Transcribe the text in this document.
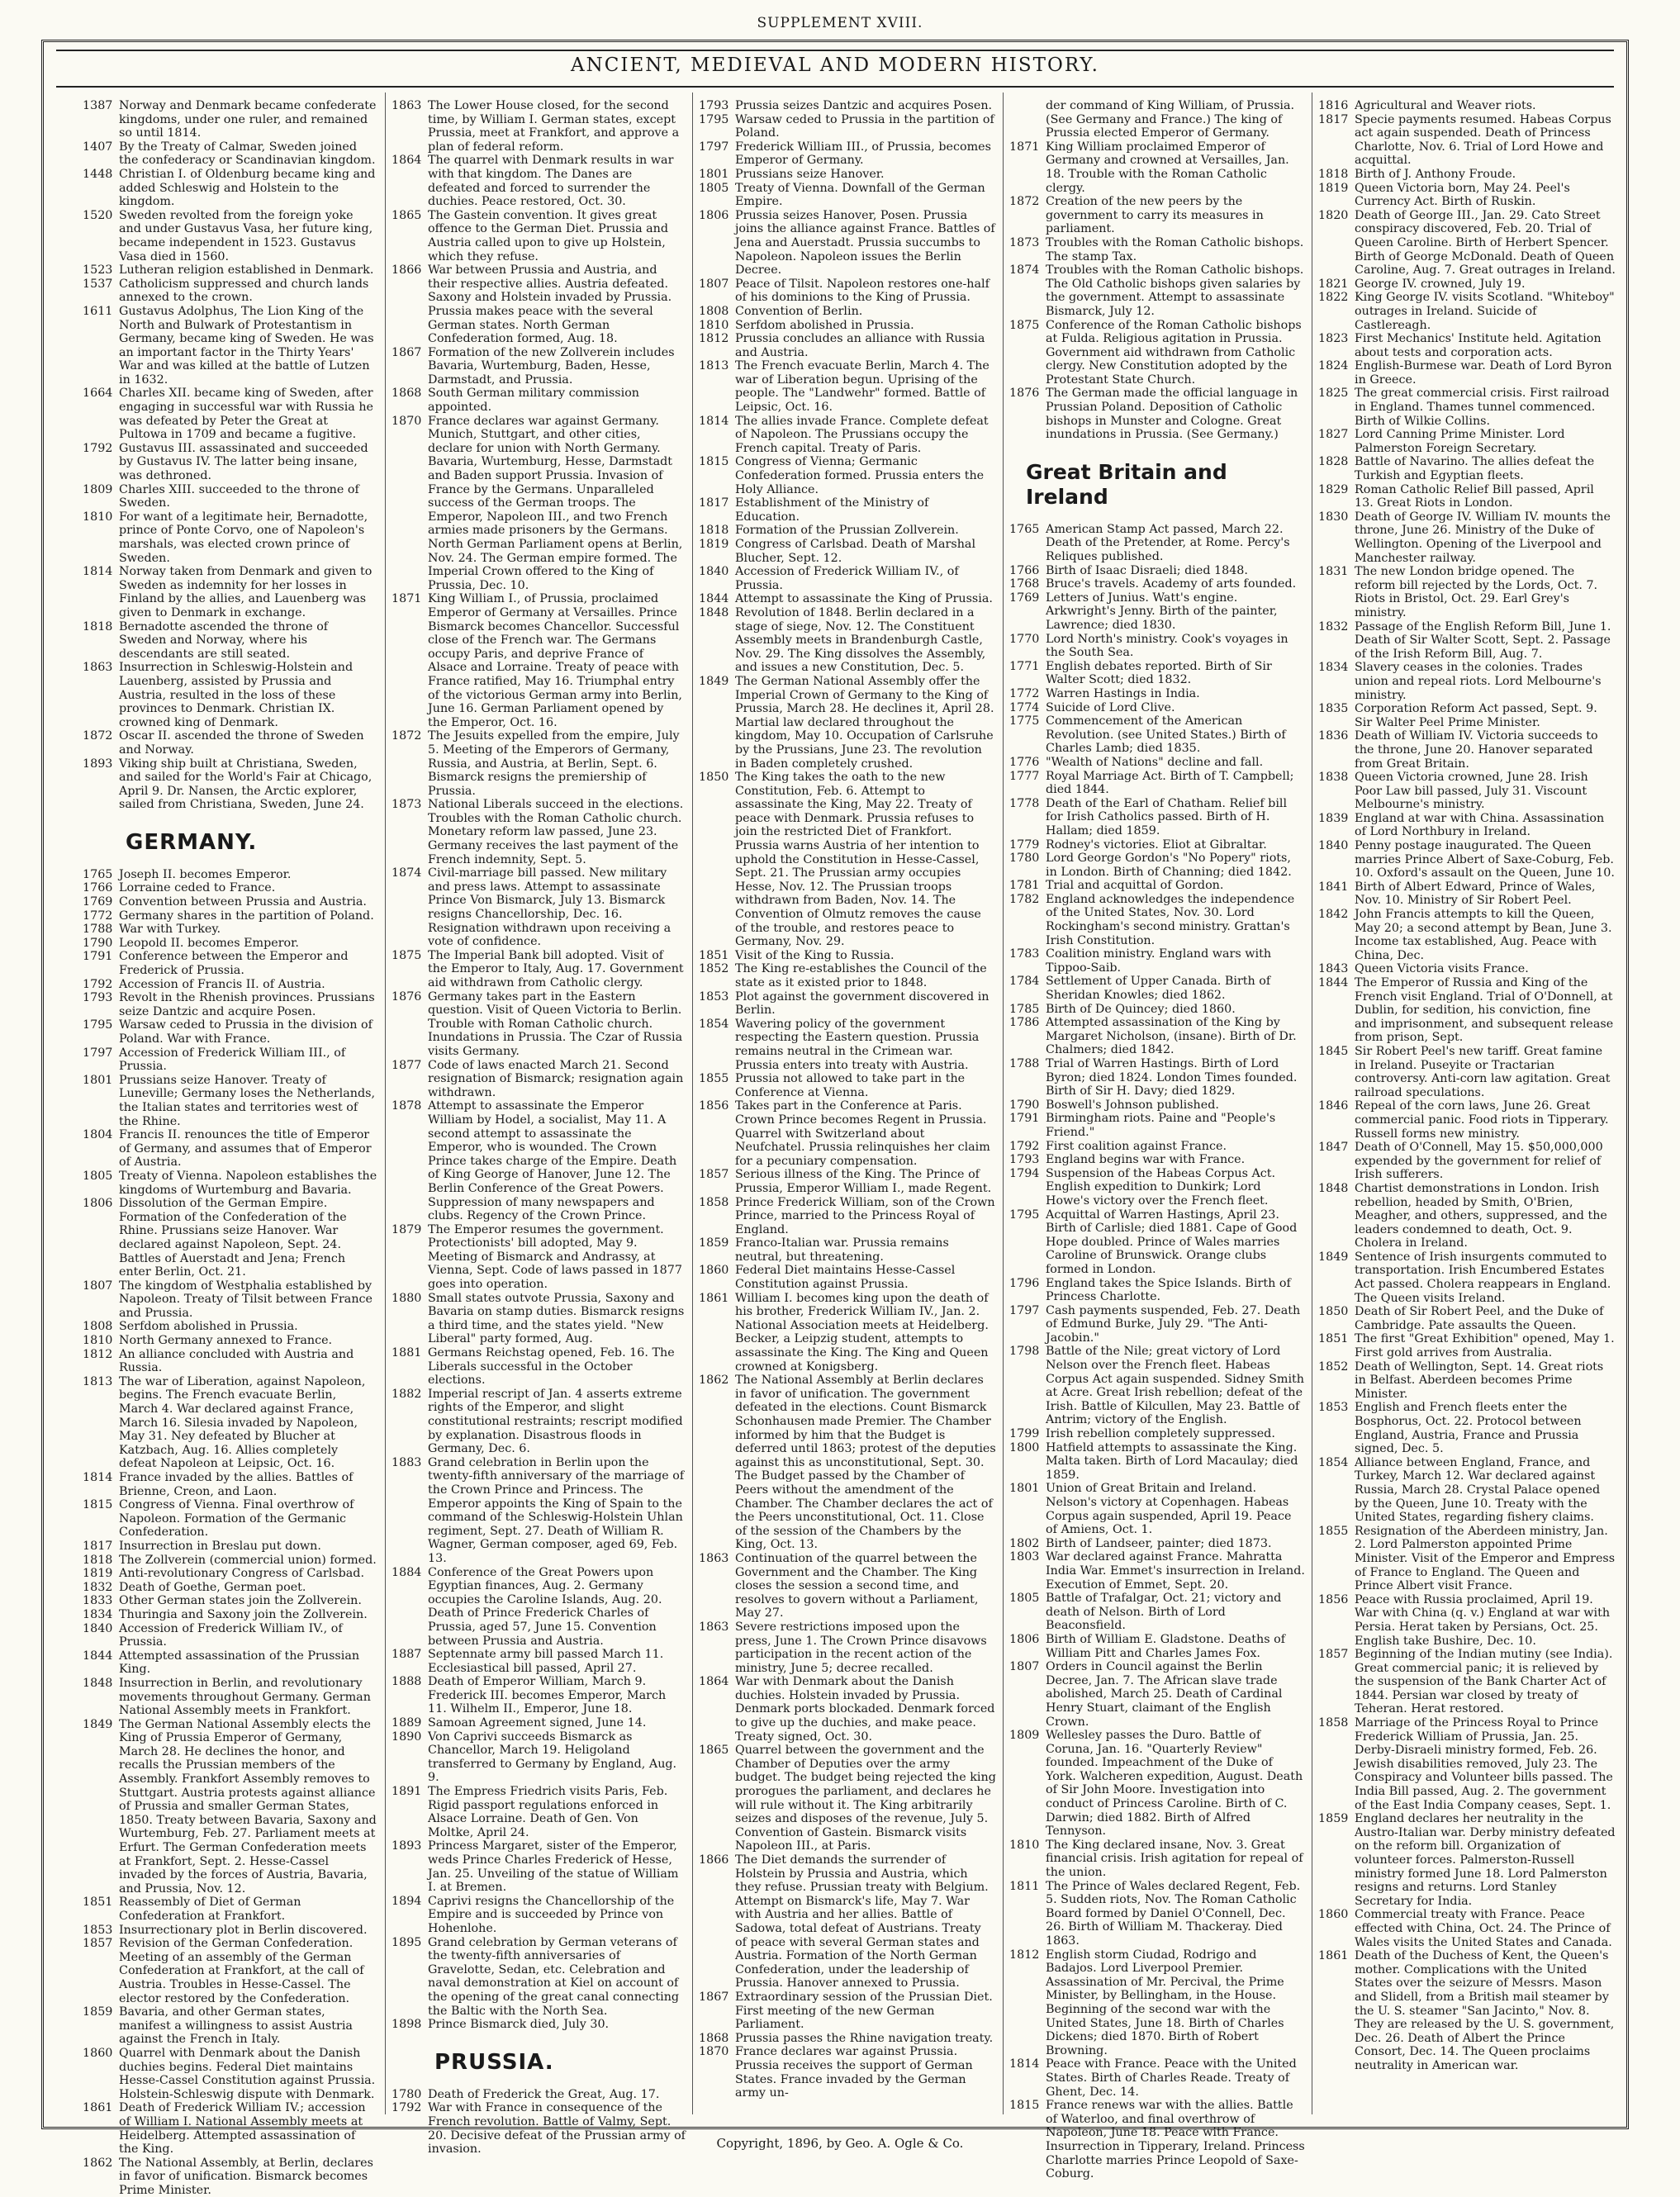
SUPPLEMENT XVIII.
ANCIENT, MEDIEVAL AND MODERN HISTORY.
1387 Norway and Denmark became confederate kingdoms, under one ruler, and remained so until 1814.
1407 By the Treaty of Calmar, Sweden joined the confederacy or Scandinavian kingdom.
1448 Christian I. of Oldenburg became king and added Schleswig and Holstein to the kingdom.
1520 Sweden revolted from the foreign yoke and under Gustavus Vasa, her future king, became independent in 1523. Gustavus Vasa died in 1560.
1523 Lutheran religion established in Denmark.
1537 Catholicism suppressed and church lands annexed to the crown.
1611 Gustavus Adolphus, The Lion King of the North and Bulwark of Protestantism in Germany, became king of Sweden. He was an important factor in the Thirty Years' War and was killed at the battle of Lutzen in 1632.
1664 Charles XII. became king of Sweden, after engaging in successful war with Russia he was defeated by Peter the Great at Pultowa in 1709 and became a fugitive.
1792 Gustavus III. assassinated and succeeded by Gustavus IV. The latter being insane, was dethroned.
1809 Charles XIII. succeeded to the throne of Sweden.
1810 For want of a legitimate heir, Bernadotte, prince of Ponte Corvo, one of Napoleon's marshals, was elected crown prince of Sweden.
1814 Norway taken from Denmark and given to Sweden as indemnity for her losses in Finland by the allies, and Lauenberg was given to Denmark in exchange.
1818 Bernadotte ascended the throne of Sweden and Norway, where his descendants are still seated.
1863 Insurrection in Schleswig-Holstein and Lauenberg, assisted by Prussia and Austria, resulted in the loss of these provinces to Denmark. Christian IX. crowned king of Denmark.
1872 Oscar II. ascended the throne of Sweden and Norway.
1893 Viking ship built at Christiana, Sweden, and sailed for the World's Fair at Chicago, April 9. Dr. Nansen, the Arctic explorer, sailed from Christiana, Sweden, June 24.
GERMANY.
1765 Joseph II. becomes Emperor.
1766 Lorraine ceded to France.
1769 Convention between Prussia and Austria.
1772 Germany shares in the partition of Poland.
1788 War with Turkey.
1790 Leopold II. becomes Emperor.
1791 Conference between the Emperor and Frederick of Prussia.
1792 Accession of Francis II. of Austria.
1793 Revolt in the Rhenish provinces. Prussians seize Dantzic and acquire Posen.
1795 Warsaw ceded to Prussia in the division of Poland. War with France.
1797 Accession of Frederick William III., of Prussia.
1801 Prussians seize Hanover. Treaty of Luneville; Germany loses the Netherlands, the Italian states and territories west of the Rhine.
1804 Francis II. renounces the title of Emperor of Germany, and assumes that of Emperor of Austria.
1805 Treaty of Vienna. Napoleon establishes the kingdoms of Wurtemburg and Bavaria.
1806 Dissolution of the German Empire. Formation of the Confederation of the Rhine. Prussians seize Hanover. War declared against Napoleon, Sept. 24. Battles of Auerstadt and Jena; French enter Berlin, Oct. 21.
1807 The kingdom of Westphalia established by Napoleon. Treaty of Tilsit between France and Prussia.
1808 Serfdom abolished in Prussia.
1810 North Germany annexed to France.
1812 An alliance concluded with Austria and Russia.
1813 The war of Liberation, against Napoleon, begins. The French evacuate Berlin, March 4. War declared against France, March 16. Silesia invaded by Napoleon, May 31. Ney defeated by Blucher at Katzbach, Aug. 16. Allies completely defeat Napoleon at Leipsic, Oct. 16.
1814 France invaded by the allies. Battles of Brienne, Creon, and Laon.
1815 Congress of Vienna. Final overthrow of Napoleon. Formation of the Germanic Confederation.
1817 Insurrection in Breslau put down.
1818 The Zollverein (commercial union) formed.
1819 Anti-revolutionary Congress of Carlsbad.
1832 Death of Goethe, German poet.
1833 Other German states join the Zollverein.
1834 Thuringia and Saxony join the Zollverein.
1840 Accession of Frederick William IV., of Prussia.
1844 Attempted assassination of the Prussian King.
1848 Insurrection in Berlin, and revolutionary movements throughout Germany. German National Assembly meets in Frankfort.
1849 The German National Assembly elects the King of Prussia Emperor of Germany, March 28. He declines the honor, and recalls the Prussian members of the Assembly. Frankfort Assembly removes to Stuttgart. Austria protests against alliance of Prussia and smaller German States, 1850. Treaty between Bavaria, Saxony and Wurtemburg, Feb. 27. Parliament meets at Erfurt. The German Confederation meets at Frankfort, Sept. 2. Hesse-Cassel invaded by the forces of Austria, Bavaria, and Prussia, Nov. 12.
1851 Reassembly of Diet of German Confederation at Frankfort.
1853 Insurrectionary plot in Berlin discovered.
1857 Revision of the German Confederation. Meeting of an assembly of the German Confederation at Frankfort, at the call of Austria. Troubles in Hesse-Cassel. The elector restored by the Confederation.
1859 Bavaria, and other German states, manifest a willingness to assist Austria against the French in Italy.
1860 Quarrel with Denmark about the Danish duchies begins. Federal Diet maintains Hesse-Cassel Constitution against Prussia. Holstein-Schleswig dispute with Denmark.
1861 Death of Frederick William IV.; accession of William I. National Assembly meets at Heidelberg. Attempted assassination of the King.
1862 The National Assembly, at Berlin, declares in favor of unification. Bismarck becomes Prime Minister.
1863 The Lower House closed, for the second time, by William I. German states, except Prussia, meet at Frankfort, and approve a plan of federal reform.
1864 The quarrel with Denmark results in war with that kingdom. The Danes are defeated and forced to surrender the duchies. Peace restored, Oct. 30.
1865 The Gastein convention. It gives great offence to the German Diet. Prussia and Austria called upon to give up Holstein, which they refuse.
1866 War between Prussia and Austria, and their respective allies. Austria defeated. Saxony and Holstein invaded by Prussia. Prussia makes peace with the several German states. North German Confederation formed, Aug. 18.
1867 Formation of the new Zollverein includes Bavaria, Wurtemburg, Baden, Hesse, Darmstadt, and Prussia.
1868 South German military commission appointed.
1870 France declares war against Germany. Munich, Stuttgart, and other cities, declare for union with North Germany. Bavaria, Wurtemburg, Hesse, Darmstadt and Baden support Prussia. Invasion of France by the Germans. Unparalleled success of the German troops. The Emperor, Napoleon III., and two French armies made prisoners by the Germans. North German Parliament opens at Berlin, Nov. 24. The German empire formed. The Imperial Crown offered to the King of Prussia, Dec. 10.
1871 King William I., of Prussia, proclaimed Emperor of Germany at Versailles. Prince Bismarck becomes Chancellor. Successful close of the French war. The Germans occupy Paris, and deprive France of Alsace and Lorraine. Treaty of peace with France ratified, May 16. Triumphal entry of the victorious German army into Berlin, June 16. German Parliament opened by the Emperor, Oct. 16.
1872 The Jesuits expelled from the empire, July 5. Meeting of the Emperors of Germany, Russia, and Austria, at Berlin, Sept. 6. Bismarck resigns the premiership of Prussia.
1873 National Liberals succeed in the elections. Troubles with the Roman Catholic church. Monetary reform law passed, June 23. Germany receives the last payment of the French indemnity, Sept. 5.
1874 Civil-marriage bill passed. New military and press laws. Attempt to assassinate Prince Von Bismarck, July 13. Bismarck resigns Chancellorship, Dec. 16. Resignation withdrawn upon receiving a vote of confidence.
1875 The Imperial Bank bill adopted. Visit of the Emperor to Italy, Aug. 17. Government aid withdrawn from Catholic clergy.
1876 Germany takes part in the Eastern question. Visit of Queen Victoria to Berlin. Trouble with Roman Catholic church. Inundations in Prussia. The Czar of Russia visits Germany.
1877 Code of laws enacted March 21. Second resignation of Bismarck; resignation again withdrawn.
1878 Attempt to assassinate the Emperor William by Hodel, a socialist, May 11. A second attempt to assassinate the Emperor, who is wounded. The Crown Prince takes charge of the Empire. Death of King George of Hanover, June 12. The Berlin Conference of the Great Powers. Suppression of many newspapers and clubs. Regency of the Crown Prince.
1879 The Emperor resumes the government. Protectionists' bill adopted, May 9. Meeting of Bismarck and Andrassy, at Vienna, Sept. Code of laws passed in 1877 goes into operation.
1880 Small states outvote Prussia, Saxony and Bavaria on stamp duties. Bismarck resigns a third time, and the states yield. "New Liberal" party formed, Aug.
1881 Germans Reichstag opened, Feb. 16. The Liberals successful in the October elections.
1882 Imperial rescript of Jan. 4 asserts extreme rights of the Emperor, and slight constitutional restraints; rescript modified by explanation. Disastrous floods in Germany, Dec. 6.
1883 Grand celebration in Berlin upon the twenty-fifth anniversary of the marriage of the Crown Prince and Princess. The Emperor appoints the King of Spain to the command of the Schleswig-Holstein Uhlan regiment, Sept. 27. Death of William R. Wagner, German composer, aged 69, Feb. 13.
1884 Conference of the Great Powers upon Egyptian finances, Aug. 2. Germany occupies the Caroline Islands, Aug. 20. Death of Prince Frederick Charles of Prussia, aged 57, June 15. Convention between Prussia and Austria.
1887 Septennate army bill passed March 11. Ecclesiastical bill passed, April 27.
1888 Death of Emperor William, March 9. Frederick III. becomes Emperor, March 11. Wilhelm II., Emperor, June 18.
1889 Samoan Agreement signed, June 14.
1890 Von Caprivi succeeds Bismarck as Chancellor, March 19. Heligoland transferred to Germany by England, Aug. 9.
1891 The Empress Friedrich visits Paris, Feb. Rigid passport regulations enforced in Alsace Lorraine. Death of Gen. Von Moltke, April 24.
1893 Princess Margaret, sister of the Emperor, weds Prince Charles Frederick of Hesse, Jan. 25. Unveiling of the statue of William I. at Bremen.
1894 Caprivi resigns the Chancellorship of the Empire and is succeeded by Prince von Hohenlohe.
1895 Grand celebration by German veterans of the twenty-fifth anniversaries of Gravelotte, Sedan, etc. Celebration and naval demonstration at Kiel on account of the opening of the great canal connecting the Baltic with the North Sea.
1898 Prince Bismarck died, July 30.
PRUSSIA.
1780 Death of Frederick the Great, Aug. 17.
1792 War with France in consequence of the French revolution. Battle of Valmy, Sept. 20. Decisive defeat of the Prussian army of invasion.
1793 Prussia seizes Dantzic and acquires Posen.
1795 Warsaw ceded to Prussia in the partition of Poland.
1797 Frederick William III., of Prussia, becomes Emperor of Germany.
1801 Prussians seize Hanover.
1805 Treaty of Vienna. Downfall of the German Empire.
1806 Prussia seizes Hanover, Posen. Prussia joins the alliance against France. Battles of Jena and Auerstadt. Prussia succumbs to Napoleon. Napoleon issues the Berlin Decree.
1807 Peace of Tilsit. Napoleon restores one-half of his dominions to the King of Prussia.
1808 Convention of Berlin.
1810 Serfdom abolished in Prussia.
1812 Prussia concludes an alliance with Russia and Austria.
1813 The French evacuate Berlin, March 4. The war of Liberation begun. Uprising of the people. The "Landwehr" formed. Battle of Leipsic, Oct. 16.
1814 The allies invade France. Complete defeat of Napoleon. The Prussians occupy the French capital. Treaty of Paris.
1815 Congress of Vienna; Germanic Confederation formed. Prussia enters the Holy Alliance.
1817 Establishment of the Ministry of Education.
1818 Formation of the Prussian Zollverein.
1819 Congress of Carlsbad. Death of Marshal Blucher, Sept. 12.
1840 Accession of Frederick William IV., of Prussia.
1844 Attempt to assassinate the King of Prussia.
1848 Revolution of 1848. Berlin declared in a stage of siege, Nov. 12. The Constituent Assembly meets in Brandenburgh Castle, Nov. 29. The King dissolves the Assembly, and issues a new Constitution, Dec. 5.
1849 The German National Assembly offer the Imperial Crown of Germany to the King of Prussia, March 28. He declines it, April 28. Martial law declared throughout the kingdom, May 10. Occupation of Carlsruhe by the Prussians, June 23. The revolution in Baden completely crushed.
1850 The King takes the oath to the new Constitution, Feb. 6. Attempt to assassinate the King, May 22. Treaty of peace with Denmark. Prussia refuses to join the restricted Diet of Frankfort. Prussia warns Austria of her intention to uphold the Constitution in Hesse-Cassel, Sept. 21. The Prussian army occupies Hesse, Nov. 12. The Prussian troops withdrawn from Baden, Nov. 14. The Convention of Olmutz removes the cause of the trouble, and restores peace to Germany, Nov. 29.
1851 Visit of the King to Russia.
1852 The King re-establishes the Council of the state as it existed prior to 1848.
1853 Plot against the government discovered in Berlin.
1854 Wavering policy of the government respecting the Eastern question. Prussia remains neutral in the Crimean war. Prussia enters into treaty with Austria.
1855 Prussia not allowed to take part in the Conference at Vienna.
1856 Takes part in the Conference at Paris. Crown Prince becomes Regent in Prussia. Quarrel with Switzerland about Neufchatel. Prussia relinquishes her claim for a pecuniary compensation.
1857 Serious illness of the King. The Prince of Prussia, Emperor William I., made Regent.
1858 Prince Frederick William, son of the Crown Prince, married to the Princess Royal of England.
1859 Franco-Italian war. Prussia remains neutral, but threatening.
1860 Federal Diet maintains Hesse-Cassel Constitution against Prussia.
1861 William I. becomes king upon the death of his brother, Frederick William IV., Jan. 2. National Association meets at Heidelberg. Becker, a Leipzig student, attempts to assassinate the King. The King and Queen crowned at Konigsberg.
1862 The National Assembly at Berlin declares in favor of unification. The government defeated in the elections. Count Bismarck Schonhausen made Premier. The Chamber informed by him that the Budget is deferred until 1863; protest of the deputies against this as unconstitutional, Sept. 30. The Budget passed by the Chamber of Peers without the amendment of the Chamber. The Chamber declares the act of the Peers unconstitutional, Oct. 11. Close of the session of the Chambers by the King, Oct. 13.
1863 Continuation of the quarrel between the Government and the Chamber. The King closes the session a second time, and resolves to govern without a Parliament, May 27.
1863 Severe restrictions imposed upon the press, June 1. The Crown Prince disavows participation in the recent action of the ministry, June 5; decree recalled.
1864 War with Denmark about the Danish duchies. Holstein invaded by Prussia. Denmark ports blockaded. Denmark forced to give up the duchies, and make peace. Treaty signed, Oct. 30.
1865 Quarrel between the government and the Chamber of Deputies over the army budget. The budget being rejected the king prorogues the parliament, and declares he will rule without it. The King arbitrarily seizes and disposes of the revenue, July 5. Convention of Gastein. Bismarck visits Napoleon III., at Paris.
1866 The Diet demands the surrender of Holstein by Prussia and Austria, which they refuse. Prussian treaty with Belgium. Attempt on Bismarck's life, May 7. War with Austria and her allies. Battle of Sadowa, total defeat of Austrians. Treaty of peace with several German states and Austria. Formation of the North German Confederation, under the leadership of Prussia. Hanover annexed to Prussia.
1867 Extraordinary session of the Prussian Diet. First meeting of the new German Parliament.
1868 Prussia passes the Rhine navigation treaty.
1870 France declares war against Prussia. Prussia receives the support of German States. France invaded by the German army un-
der command of King William, of Prussia. (See Germany and France.) The king of Prussia elected Emperor of Germany.
1871 King William proclaimed Emperor of Germany and crowned at Versailles, Jan. 18. Trouble with the Roman Catholic clergy.
1872 Creation of the new peers by the government to carry its measures in parliament.
1873 Troubles with the Roman Catholic bishops. The stamp Tax.
1874 Troubles with the Roman Catholic bishops. The Old Catholic bishops given salaries by the government. Attempt to assassinate Bismarck, July 12.
1875 Conference of the Roman Catholic bishops at Fulda. Religious agitation in Prussia. Government aid withdrawn from Catholic clergy. New Constitution adopted by the Protestant State Church.
1876 The German made the official language in Prussian Poland. Deposition of Catholic bishops in Munster and Cologne. Great inundations in Prussia. (See Germany.)
Great Britain and Ireland
1765 American Stamp Act passed, March 22. Death of the Pretender, at Rome. Percy's Reliques published.
1766 Birth of Isaac Disraeli; died 1848.
1768 Bruce's travels. Academy of arts founded.
1769 Letters of Junius. Watt's engine. Arkwright's Jenny. Birth of the painter, Lawrence; died 1830.
1770 Lord North's ministry. Cook's voyages in the South Sea.
1771 English debates reported. Birth of Sir Walter Scott; died 1832.
1772 Warren Hastings in India.
1774 Suicide of Lord Clive.
1775 Commencement of the American Revolution. (see United States.) Birth of Charles Lamb; died 1835.
1776 "Wealth of Nations" decline and fall.
1777 Royal Marriage Act. Birth of T. Campbell; died 1844.
1778 Death of the Earl of Chatham. Relief bill for Irish Catholics passed. Birth of H. Hallam; died 1859.
1779 Rodney's victories. Eliot at Gibraltar.
1780 Lord George Gordon's "No Popery" riots, in London. Birth of Channing; died 1842.
1781 Trial and acquittal of Gordon.
1782 England acknowledges the independence of the United States, Nov. 30. Lord Rockingham's second ministry. Grattan's Irish Constitution.
1783 Coalition ministry. England wars with Tippoo-Saib.
1784 Settlement of Upper Canada. Birth of Sheridan Knowles; died 1862.
1785 Birth of De Quincey; died 1860.
1786 Attempted assassination of the King by Margaret Nicholson, (insane). Birth of Dr. Chalmers; died 1842.
1788 Trial of Warren Hastings. Birth of Lord Byron; died 1824. London Times founded. Birth of Sir H. Davy; died 1829.
1790 Boswell's Johnson published.
1791 Birmingham riots. Paine and "People's Friend."
1792 First coalition against France.
1793 England begins war with France.
1794 Suspension of the Habeas Corpus Act. English expedition to Dunkirk; Lord Howe's victory over the French fleet.
1795 Acquittal of Warren Hastings, April 23. Birth of Carlisle; died 1881. Cape of Good Hope doubled. Prince of Wales marries Caroline of Brunswick. Orange clubs formed in London.
1796 England takes the Spice Islands. Birth of Princess Charlotte.
1797 Cash payments suspended, Feb. 27. Death of Edmund Burke, July 29. "The Anti-Jacobin."
1798 Battle of the Nile; great victory of Lord Nelson over the French fleet. Habeas Corpus Act again suspended. Sidney Smith at Acre. Great Irish rebellion; defeat of the Irish. Battle of Kilcullen, May 23. Battle of Antrim; victory of the English.
1799 Irish rebellion completely suppressed.
1800 Hatfield attempts to assassinate the King. Malta taken. Birth of Lord Macaulay; died 1859.
1801 Union of Great Britain and Ireland. Nelson's victory at Copenhagen. Habeas Corpus again suspended, April 19. Peace of Amiens, Oct. 1.
1802 Birth of Landseer, painter; died 1873.
1803 War declared against France. Mahratta India War. Emmet's insurrection in Ireland. Execution of Emmet, Sept. 20.
1805 Battle of Trafalgar, Oct. 21; victory and death of Nelson. Birth of Lord Beaconsfield.
1806 Birth of William E. Gladstone. Deaths of William Pitt and Charles James Fox.
1807 Orders in Council against the Berlin Decree, Jan. 7. The African slave trade abolished, March 25. Death of Cardinal Henry Stuart, claimant of the English Crown.
1809 Wellesley passes the Duro. Battle of Coruna, Jan. 16. "Quarterly Review" founded. Impeachment of the Duke of York. Walcheren expedition, August. Death of Sir John Moore. Investigation into conduct of Princess Caroline. Birth of C. Darwin; died 1882. Birth of Alfred Tennyson.
1810 The King declared insane, Nov. 3. Great financial crisis. Irish agitation for repeal of the union.
1811 The Prince of Wales declared Regent, Feb. 5. Sudden riots, Nov. The Roman Catholic Board formed by Daniel O'Connell, Dec. 26. Birth of William M. Thackeray. Died 1863.
1812 English storm Ciudad, Rodrigo and Badajos. Lord Liverpool Premier. Assassination of Mr. Percival, the Prime Minister, by Bellingham, in the House. Beginning of the second war with the United States, June 18. Birth of Charles Dickens; died 1870. Birth of Robert Browning.
1814 Peace with France. Peace with the United States. Birth of Charles Reade. Treaty of Ghent, Dec. 14.
1815 France renews war with the allies. Battle of Waterloo, and final overthrow of Napoleon, June 18. Peace with France. Insurrection in Tipperary, Ireland. Princess Charlotte marries Prince Leopold of Saxe-Coburg.
1816 Agricultural and Weaver riots.
1817 Specie payments resumed. Habeas Corpus act again suspended. Death of Princess Charlotte, Nov. 6. Trial of Lord Howe and acquittal.
1818 Birth of J. Anthony Froude.
1819 Queen Victoria born, May 24. Peel's Currency Act. Birth of Ruskin.
1820 Death of George III., Jan. 29. Cato Street conspiracy discovered, Feb. 20. Trial of Queen Caroline. Birth of Herbert Spencer. Birth of George McDonald. Death of Queen Caroline, Aug. 7. Great outrages in Ireland.
1821 George IV. crowned, July 19.
1822 King George IV. visits Scotland. "Whiteboy" outrages in Ireland. Suicide of Castlereagh.
1823 First Mechanics' Institute held. Agitation about tests and corporation acts.
1824 English-Burmese war. Death of Lord Byron in Greece.
1825 The great commercial crisis. First railroad in England. Thames tunnel commenced. Birth of Wilkie Collins.
1827 Lord Canning Prime Minister. Lord Palmerston Foreign Secretary.
1828 Battle of Navarino. The allies defeat the Turkish and Egyptian fleets.
1829 Roman Catholic Relief Bill passed, April 13. Great Riots in London.
1830 Death of George IV. William IV. mounts the throne, June 26. Ministry of the Duke of Wellington. Opening of the Liverpool and Manchester railway.
1831 The new London bridge opened. The reform bill rejected by the Lords, Oct. 7. Riots in Bristol, Oct. 29. Earl Grey's ministry.
1832 Passage of the English Reform Bill, June 1. Death of Sir Walter Scott, Sept. 2. Passage of the Irish Reform Bill, Aug. 7.
1834 Slavery ceases in the colonies. Trades union and repeal riots. Lord Melbourne's ministry.
1835 Corporation Reform Act passed, Sept. 9. Sir Walter Peel Prime Minister.
1836 Death of William IV. Victoria succeeds to the throne, June 20. Hanover separated from Great Britain.
1838 Queen Victoria crowned, June 28. Irish Poor Law bill passed, July 31. Viscount Melbourne's ministry.
1839 England at war with China. Assassination of Lord Northbury in Ireland.
1840 Penny postage inaugurated. The Queen marries Prince Albert of Saxe-Coburg, Feb. 10. Oxford's assault on the Queen, June 10.
1841 Birth of Albert Edward, Prince of Wales, Nov. 10. Ministry of Sir Robert Peel.
1842 John Francis attempts to kill the Queen, May 20; a second attempt by Bean, June 3. Income tax established, Aug. Peace with China, Dec.
1843 Queen Victoria visits France.
1844 The Emperor of Russia and King of the French visit England. Trial of O'Donnell, at Dublin, for sedition, his conviction, fine and imprisonment, and subsequent release from prison, Sept.
1845 Sir Robert Peel's new tariff. Great famine in Ireland. Puseyite or Tractarian controversy. Anti-corn law agitation. Great railroad speculations.
1846 Repeal of the corn laws, June 26. Great commercial panic. Food riots in Tipperary. Russell forms new ministry.
1847 Death of O'Connell, May 15. $50,000,000 expended by the government for relief of Irish sufferers.
1848 Chartist demonstrations in London. Irish rebellion, headed by Smith, O'Brien, Meagher, and others, suppressed, and the leaders condemned to death, Oct. 9. Cholera in Ireland.
1849 Sentence of Irish insurgents commuted to transportation. Irish Encumbered Estates Act passed. Cholera reappears in England. The Queen visits Ireland.
1850 Death of Sir Robert Peel, and the Duke of Cambridge. Pate assaults the Queen.
1851 The first "Great Exhibition" opened, May 1. First gold arrives from Australia.
1852 Death of Wellington, Sept. 14. Great riots in Belfast. Aberdeen becomes Prime Minister.
1853 English and French fleets enter the Bosphorus, Oct. 22. Protocol between England, Austria, France and Prussia signed, Dec. 5.
1854 Alliance between England, France, and Turkey, March 12. War declared against Russia, March 28. Crystal Palace opened by the Queen, June 10. Treaty with the United States, regarding fishery claims.
1855 Resignation of the Aberdeen ministry, Jan. 2. Lord Palmerston appointed Prime Minister. Visit of the Emperor and Empress of France to England. The Queen and Prince Albert visit France.
1856 Peace with Russia proclaimed, April 19. War with China (q. v.) England at war with Persia. Herat taken by Persians, Oct. 25. English take Bushire, Dec. 10.
1857 Beginning of the Indian mutiny (see India). Great commercial panic; it is relieved by the suspension of the Bank Charter Act of 1844. Persian war closed by treaty of Teheran. Herat restored.
1858 Marriage of the Princess Royal to Prince Frederick William of Prussia, Jan. 25. Derby-Disraeli ministry formed, Feb. 26. Jewish disabilities removed, July 23. The Conspiracy and Volunteer bills passed. The India Bill passed, Aug. 2. The government of the East India Company ceases, Sept. 1.
1859 England declares her neutrality in the Austro-Italian war. Derby ministry defeated on the reform bill. Organization of volunteer forces. Palmerston-Russell ministry formed June 18. Lord Palmerston resigns and returns. Lord Stanley Secretary for India.
1860 Commercial treaty with France. Peace effected with China, Oct. 24. The Prince of Wales visits the United States and Canada.
1861 Death of the Duchess of Kent, the Queen's mother. Complications with the United States over the seizure of Messrs. Mason and Slidell, from a British mail steamer by the U. S. steamer "San Jacinto," Nov. 8. They are released by the U. S. government, Dec. 26. Death of Albert the Prince Consort, Dec. 14. The Queen proclaims neutrality in American war.
Copyright, 1896, by Geo. A. Ogle & Co.
